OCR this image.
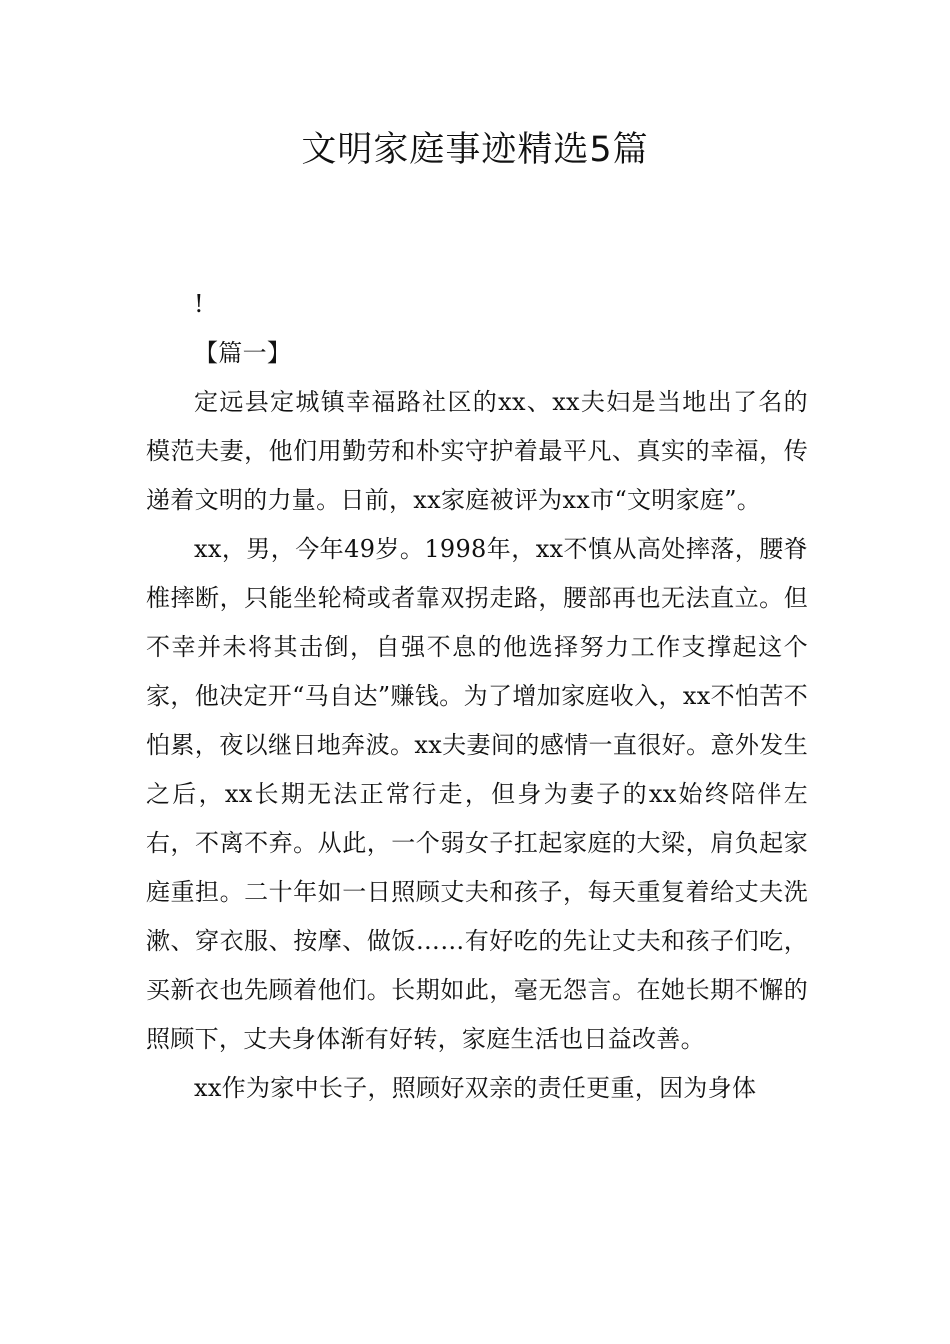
文明家庭事迹精选5篇

!

【篇一】

定远县定城镇幸福路社区的xx、xx夫妇是当地出了名的模范夫妻，他们用勤劳和朴实守护着最平凡、真实的幸福，传递着文明的力量。日前，xx家庭被评为xx市“文明家庭”。

xx，男，今年49岁。1998年，xx不慎从高处摔落，腰脊椎摔断，只能坐轮椅或者靠双拐走路，腰部再也无法直立。但不幸并未将其击倒，自强不息的他选择努力工作支撑起这个家，他决定开“马自达”赚钱。为了增加家庭收入，xx不怕苦不怕累，夜以继日地奔波。xx夫妻间的感情一直很好。意外发生之后，xx长期无法正常行走，但身为妻子的xx始终陪伴左右，不离不弃。从此，一个弱女子扛起家庭的大梁，肩负起家庭重担。二十年如一日照顾丈夫和孩子，每天重复着给丈夫洗漱、穿衣服、按摩、做饭……有好吃的先让丈夫和孩子们吃，买新衣也先顾着他们。长期如此，毫无怨言。在她长期不懈的照顾下，丈夫身体渐有好转，家庭生活也日益改善。

xx作为家中长子，照顾好双亲的责任更重，因为身体
